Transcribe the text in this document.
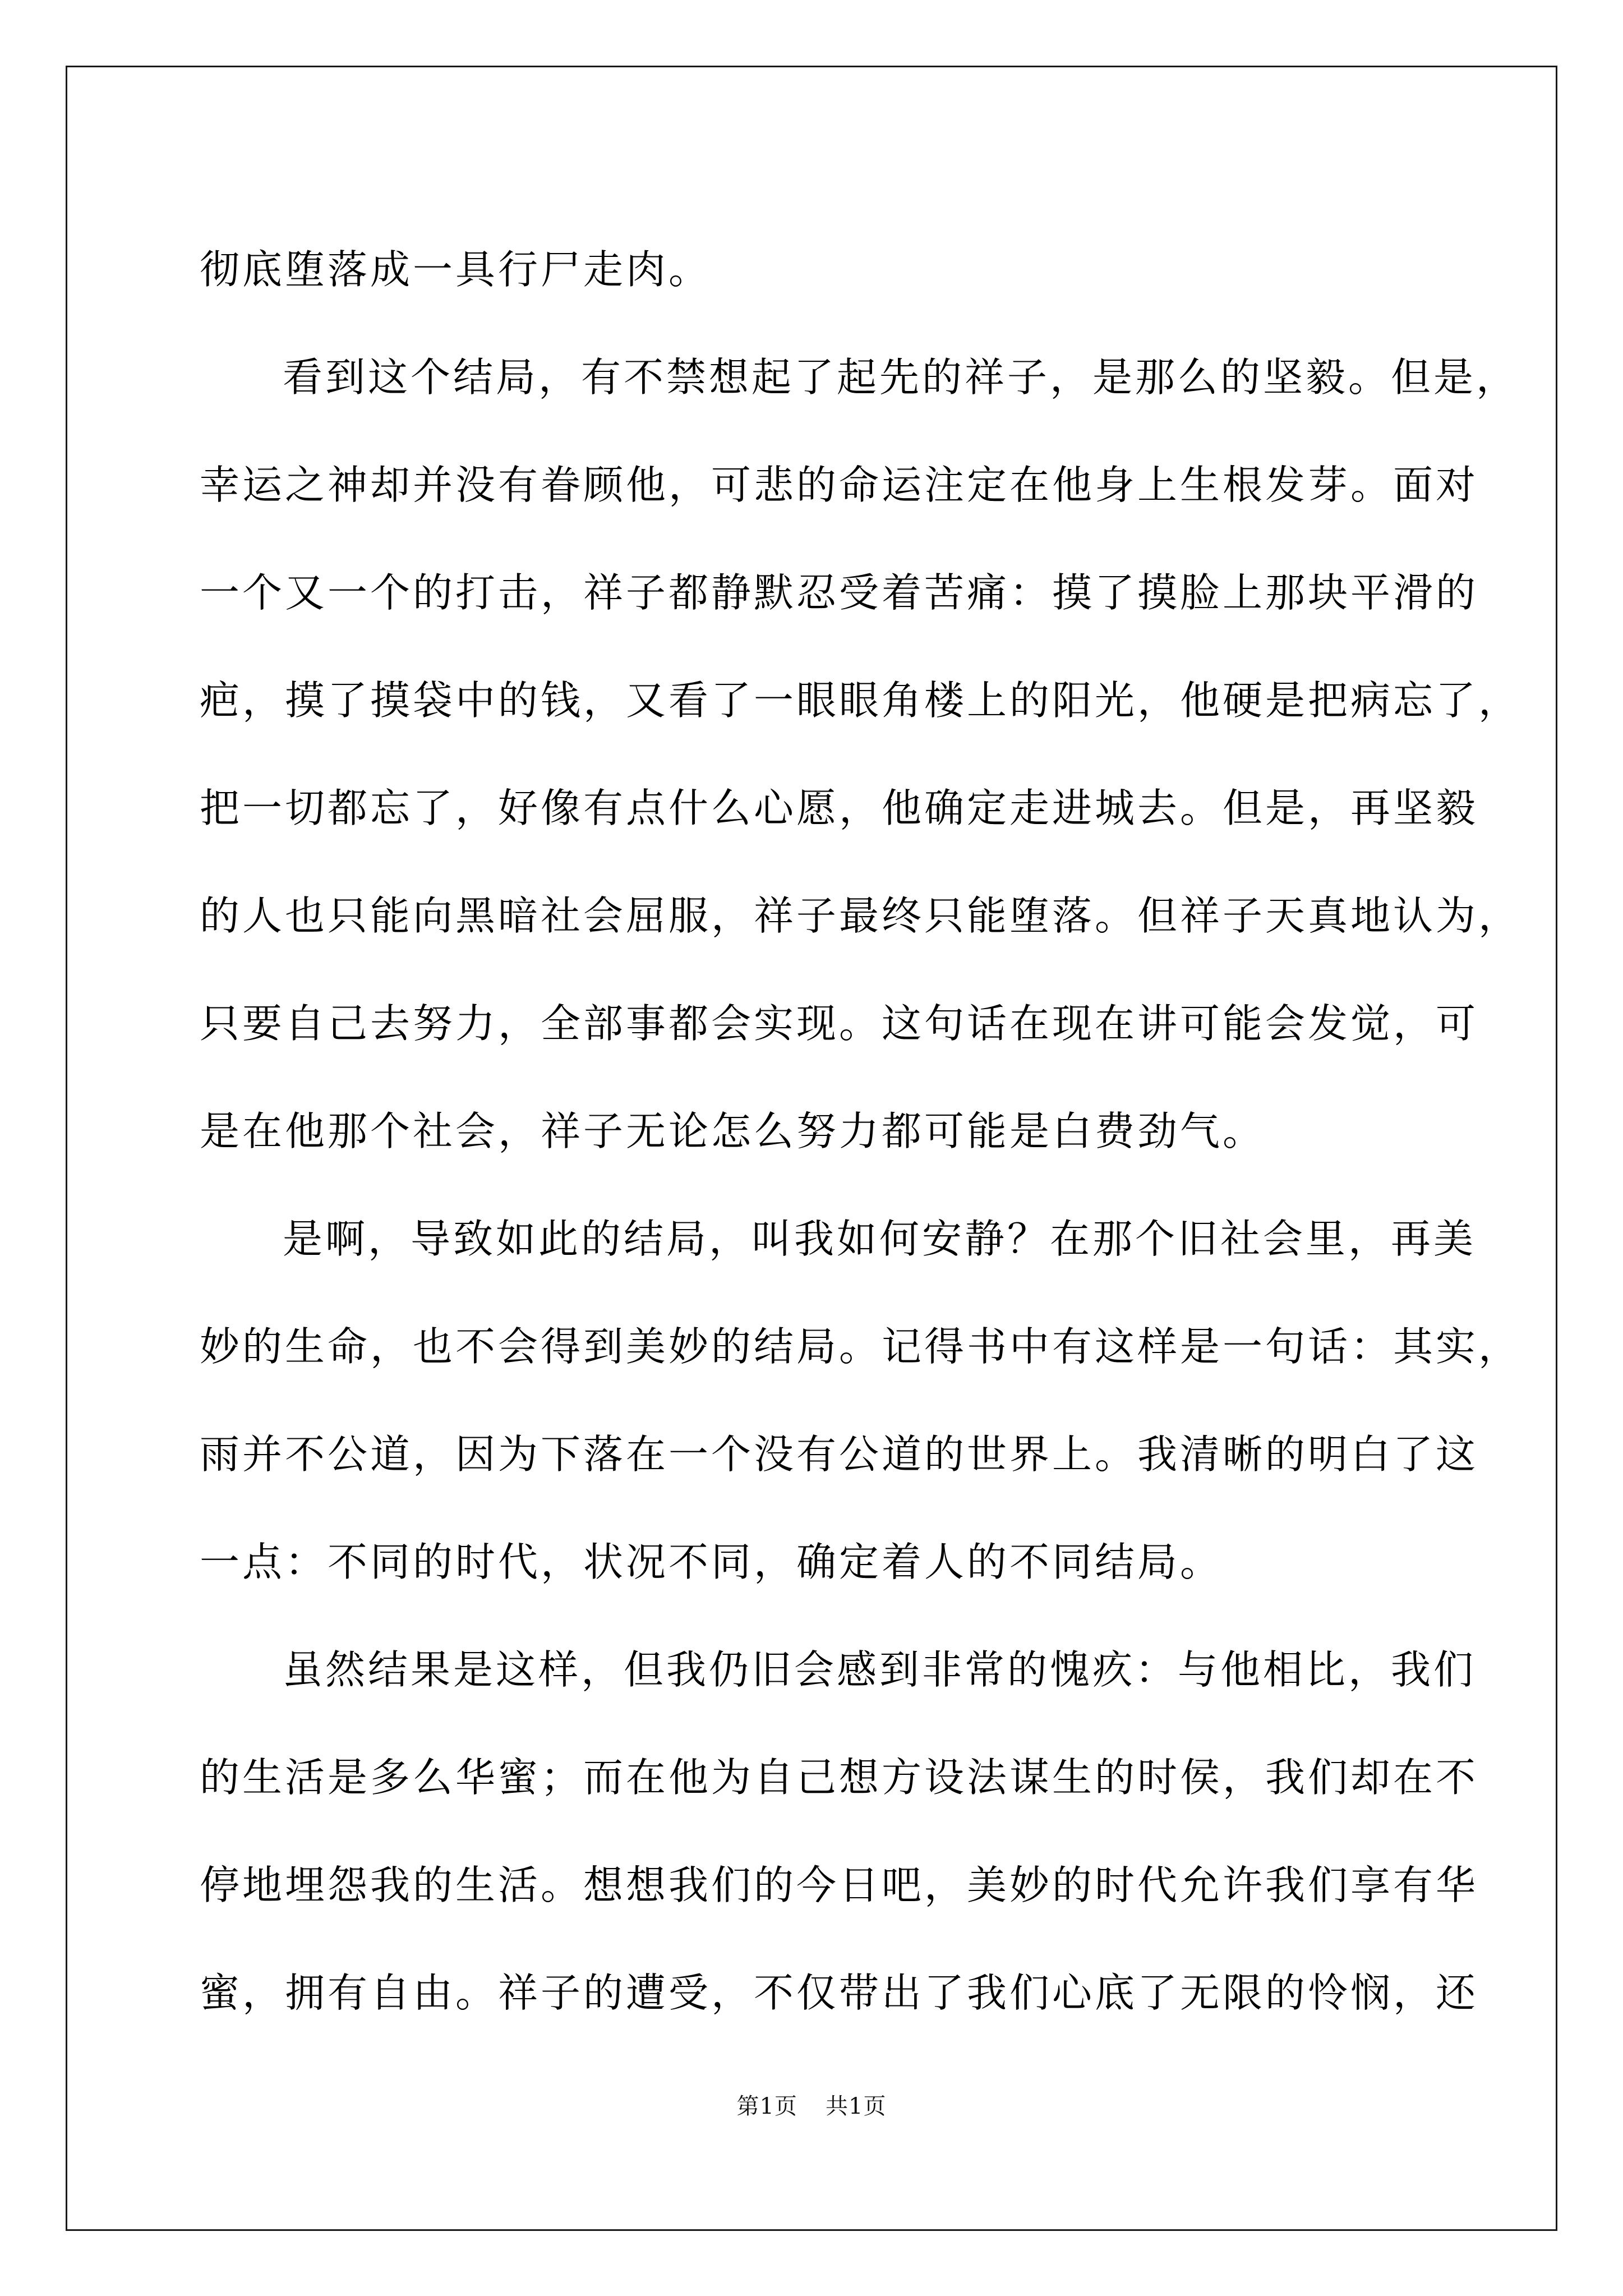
彻底堕落成一具行尸走肉。
看到这个结局，有不禁想起了起先的祥子，是那么的坚毅。但是，
幸运之神却并没有眷顾他，可悲的命运注定在他身上生根发芽。面对
一个又一个的打击，祥子都静默忍受着苦痛：摸了摸脸上那块平滑的
疤，摸了摸袋中的钱，又看了一眼眼角楼上的阳光，他硬是把病忘了，
把一切都忘了，好像有点什么心愿，他确定走进城去。但是，再坚毅
的人也只能向黑暗社会屈服，祥子最终只能堕落。但祥子天真地认为，
只要自己去努力，全部事都会实现。这句话在现在讲可能会发觉，可
是在他那个社会，祥子无论怎么努力都可能是白费劲气。
是啊，导致如此的结局，叫我如何安静？在那个旧社会里，再美
妙的生命，也不会得到美妙的结局。记得书中有这样是一句话：其实，
雨并不公道，因为下落在一个没有公道的世界上。我清晰的明白了这
一点：不同的时代，状况不同，确定着人的不同结局。
虽然结果是这样，但我仍旧会感到非常的愧疚：与他相比，我们
的生活是多么华蜜；而在他为自己想方设法谋生的时侯，我们却在不
停地埋怨我的生活。想想我们的今日吧，美妙的时代允许我们享有华
蜜，拥有自由。祥子的遭受，不仅带出了我们心底了无限的怜悯，还
第1页 共1页
